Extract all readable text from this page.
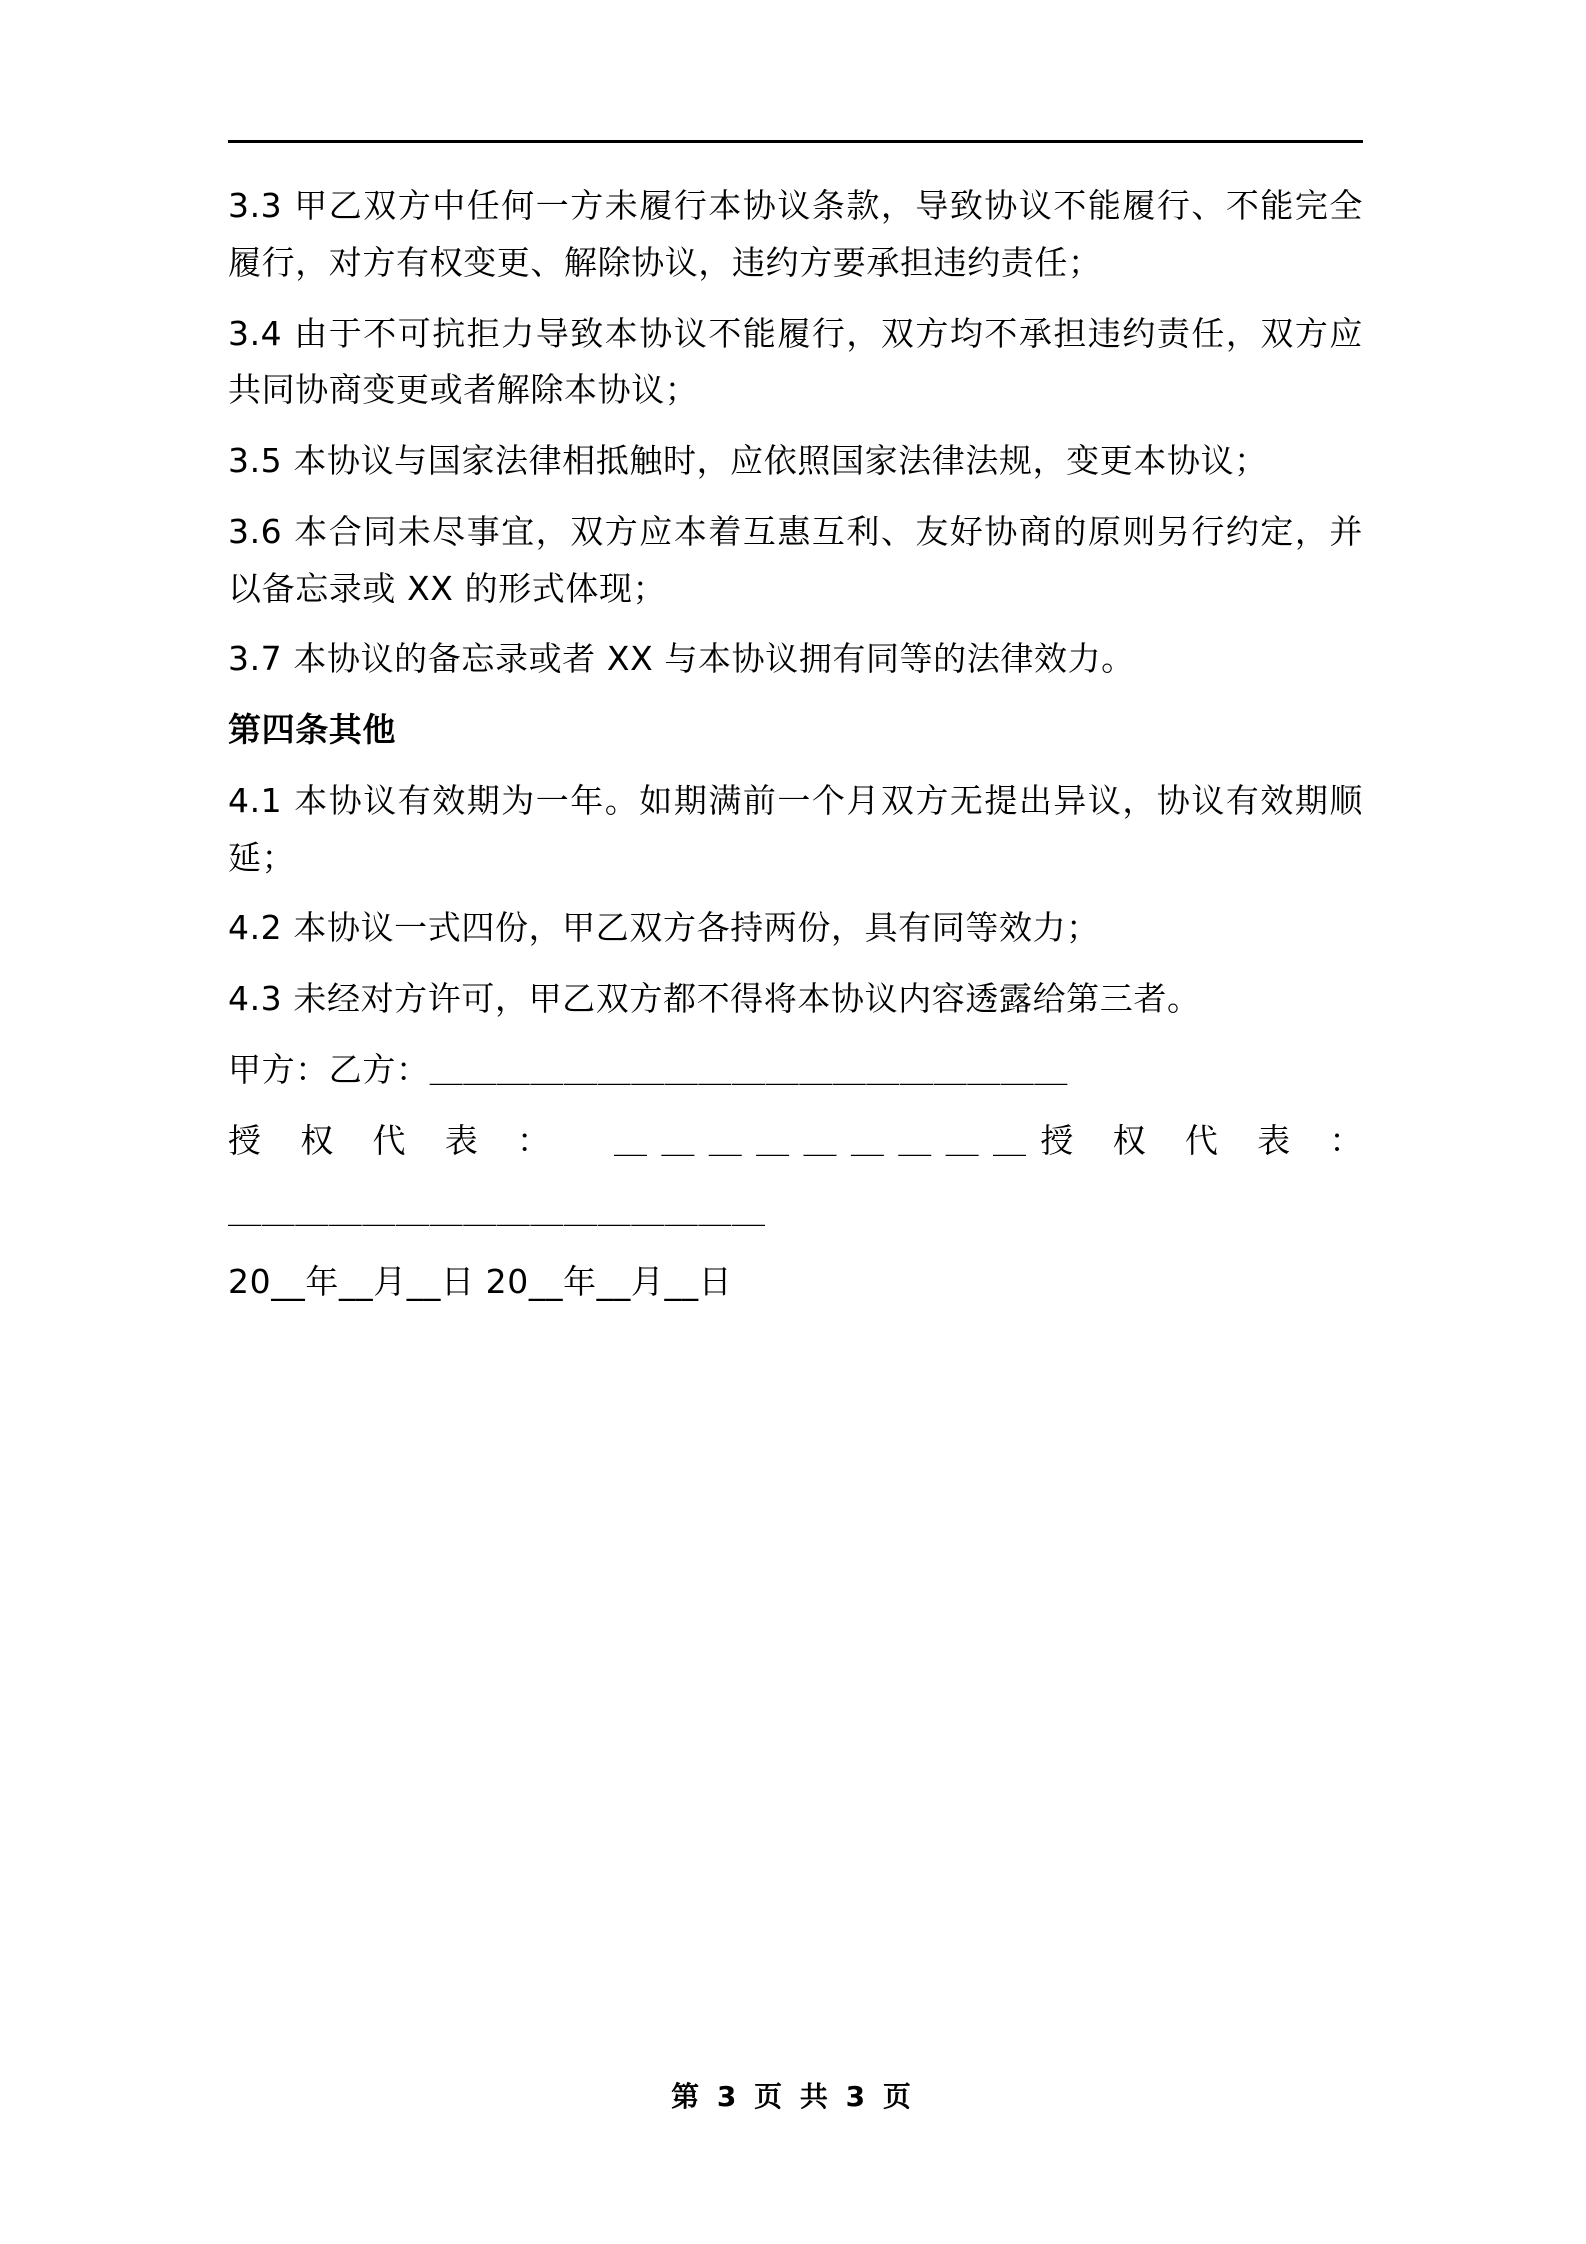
3.3 甲乙双方中任何一方未履行本协议条款，导致协议不能履行、不能完全履行，对方有权变更、解除协议，违约方要承担违约责任；

3.4 由于不可抗拒力导致本协议不能履行，双方均不承担违约责任，双方应共同协商变更或者解除本协议；

3.5 本协议与国家法律相抵触时，应依照国家法律法规，变更本协议；

3.6 本合同未尽事宜，双方应本着互惠互利、友好协商的原则另行约定，并以备忘录或 XX 的形式体现；

3.7 本协议的备忘录或者 XX 与本协议拥有同等的法律效力。

第四条其他

4.1 本协议有效期为一年。如期满前一个月双方无提出异议，协议有效期顺延；

4.2 本协议一式四份，甲乙双方各持两份，具有同等效力；

4.3 未经对方许可，甲乙双方都不得将本协议内容透露给第三者。

甲方：乙方：＿＿＿＿＿＿＿＿＿＿＿＿＿＿＿＿＿＿＿

授 权 代 表 ：  ＿＿＿＿＿＿＿＿＿授 权 代 表 ：

＿＿＿＿＿＿＿＿＿＿＿＿＿＿＿＿

20__年__月__日 20__年__月__日

第 3 页 共 3 页
